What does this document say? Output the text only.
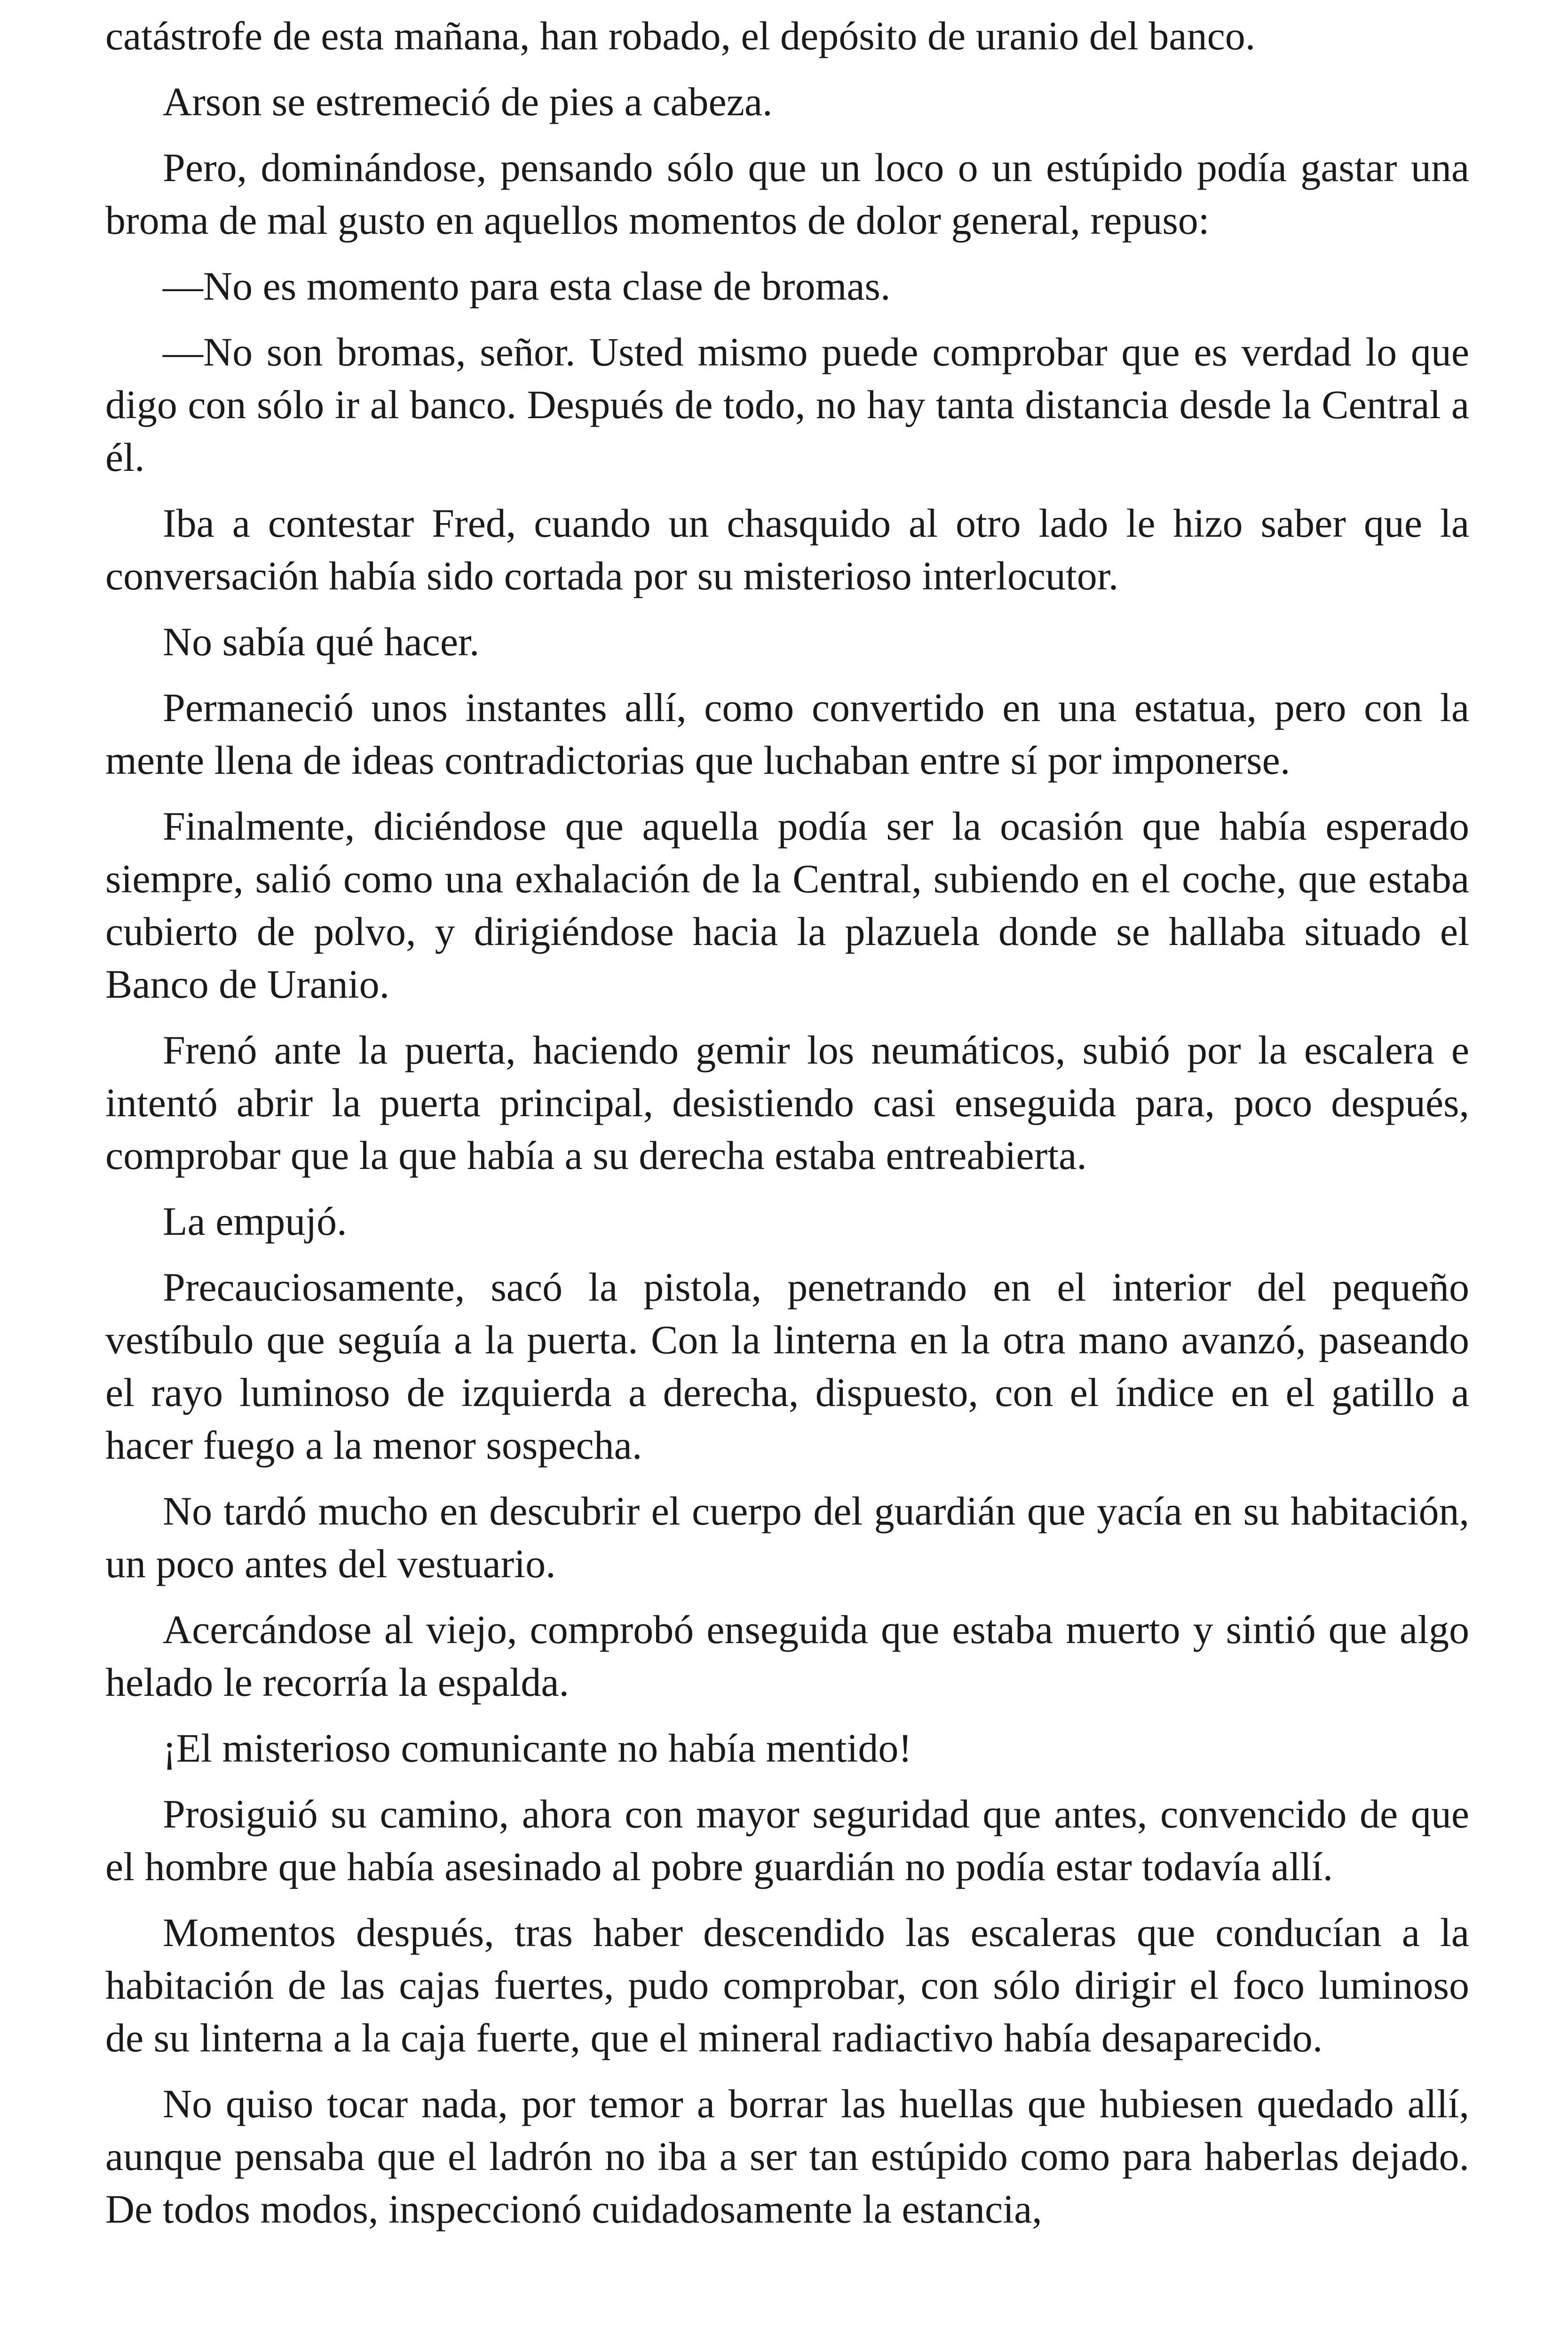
catástrofe de esta mañana, han robado, el depósito de uranio del banco.

Arson se estremeció de pies a cabeza.

Pero, dominándose, pensando sólo que un loco o un estúpido podía gastar una broma de mal gusto en aquellos momentos de dolor general, repuso:

—No es momento para esta clase de bromas.

—No son bromas, señor. Usted mismo puede comprobar que es verdad lo que digo con sólo ir al banco. Después de todo, no hay tanta distancia desde la Central a él.

Iba a contestar Fred, cuando un chasquido al otro lado le hizo saber que la conversación había sido cortada por su misterioso interlocutor.

No sabía qué hacer.

Permaneció unos instantes allí, como convertido en una estatua, pero con la mente llena de ideas contradictorias que luchaban entre sí por imponerse.

Finalmente, diciéndose que aquella podía ser la ocasión que había esperado siempre, salió como una exhalación de la Central, subiendo en el coche, que estaba cubierto de polvo, y dirigiéndose hacia la plazuela donde se hallaba situado el Banco de Uranio.

Frenó ante la puerta, haciendo gemir los neumáticos, subió por la escalera e intentó abrir la puerta principal, desistiendo casi enseguida para, poco después, comprobar que la que había a su derecha estaba entreabierta.

La empujó.

Precauciosamente, sacó la pistola, penetrando en el interior del pequeño vestíbulo que seguía a la puerta. Con la linterna en la otra mano avanzó, paseando el rayo luminoso de izquierda a derecha, dispuesto, con el índice en el gatillo a hacer fuego a la menor sospecha.

No tardó mucho en descubrir el cuerpo del guardián que yacía en su habitación, un poco antes del vestuario.

Acercándose al viejo, comprobó enseguida que estaba muerto y sintió que algo helado le recorría la espalda.

¡El misterioso comunicante no había mentido!

Prosiguió su camino, ahora con mayor seguridad que antes, convencido de que el hombre que había asesinado al pobre guardián no podía estar todavía allí.

Momentos después, tras haber descendido las escaleras que conducían a la habitación de las cajas fuertes, pudo comprobar, con sólo dirigir el foco luminoso de su linterna a la caja fuerte, que el mineral radiactivo había desaparecido.

No quiso tocar nada, por temor a borrar las huellas que hubiesen quedado allí, aunque pensaba que el ladrón no iba a ser tan estúpido como para haberlas dejado. De todos modos, inspeccionó cuidadosamente la estancia,
